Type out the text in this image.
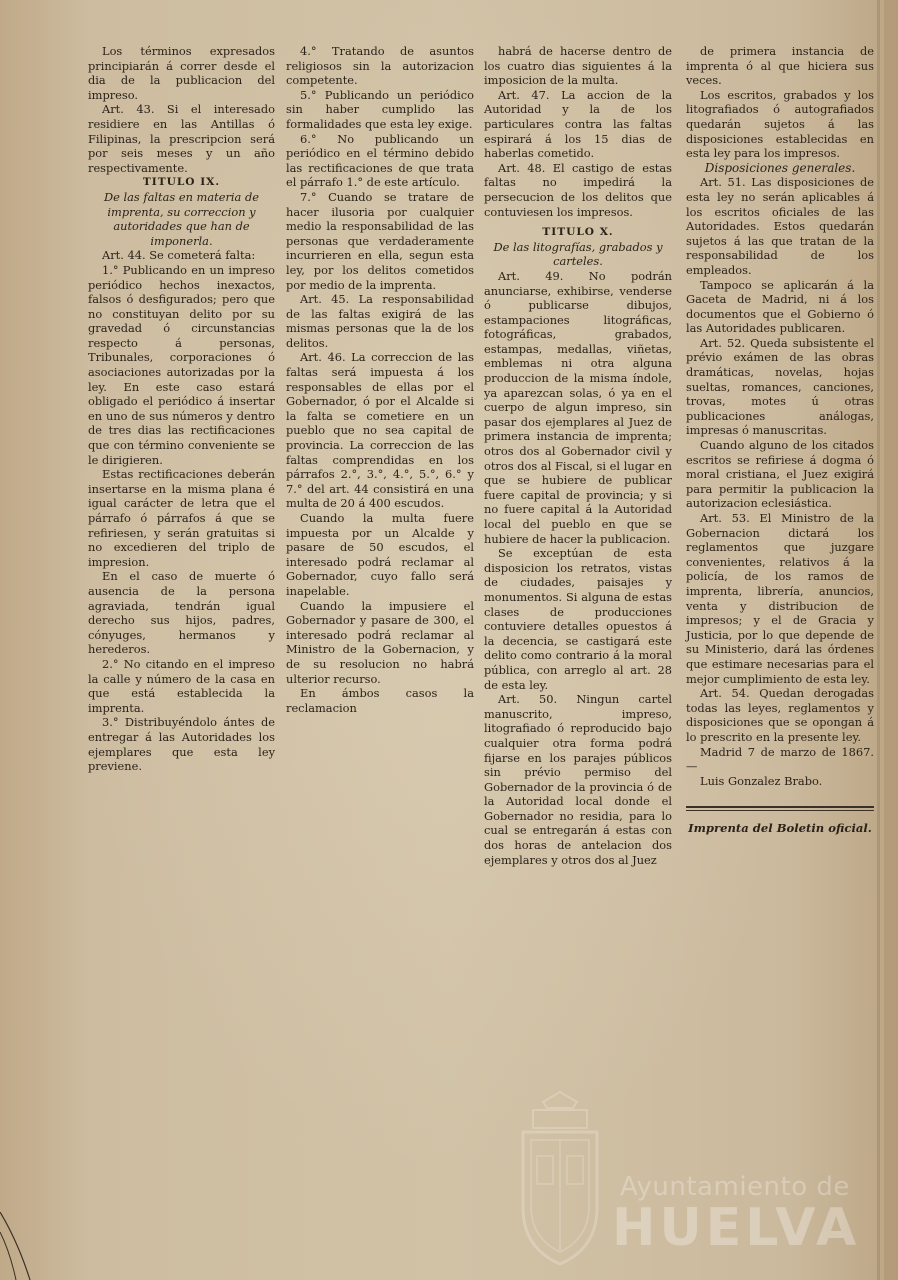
Los términos expresados principiarán á correr desde el dia de la publicacion del impreso.

Art. 43. Si el interesado residiere en las Antillas ó Filipinas, la prescripcion será por seis meses y un año respectivamente.

TITULO IX.

De las faltas en materia de imprenta, su correccion y autoridades que han de imponerla.

Art. 44. Se cometerá falta:

1.° Publicando en un impreso periódico hechos inexactos, falsos ó desfigurados; pero que no constituyan delito por su gravedad ó circunstancias respecto á personas, Tribunales, corporaciones ó asociaciones autorizadas por la ley. En este caso estará obligado el periódico á insertar en uno de sus números y dentro de tres dias las rectificaciones que con término conveniente se le dirigieren.

Estas rectificaciones deberán insertarse en la misma plana é igual carácter de letra que el párrafo ó párrafos á que se refiriesen, y serán gratuitas si no excedieren del triplo de impresion.

En el caso de muerte ó ausencia de la persona agraviada, tendrán igual derecho sus hijos, padres, cónyuges, hermanos y herederos.

2.° No citando en el impreso la calle y número de la casa en que está establecida la imprenta.

3.° Distribuyéndolo ántes de entregar á las Autoridades los ejemplares que esta ley previene.

4.° Tratando de asuntos religiosos sin la autorizacion competente.

5.° Publicando un periódico sin haber cumplido las formalidades que esta ley exige.

6.° No publicando un periódico en el término debido las rectificaciones de que trata el párrafo 1.° de este artículo.

7.° Cuando se tratare de hacer ilusoria por cualquier medio la responsabilidad de las personas que verdaderamente incurrieren en ella, segun esta ley, por los delitos cometidos por medio de la imprenta.

Art. 45. La responsabilidad de las faltas exigirá de las mismas personas que la de los delitos.

Art. 46. La correccion de las faltas será impuesta á los responsables de ellas por el Gobernador, ó por el Alcalde si la falta se cometiere en un pueblo que no sea capital de provincia. La correccion de las faltas comprendidas en los párrafos 2.°, 3.°, 4.°, 5.°, 6.° y 7.° del art. 44 consistirá en una multa de 20 á 400 escudos.

Cuando la multa fuere impuesta por un Alcalde y pasare de 50 escudos, el interesado podrá reclamar al Gobernador, cuyo fallo será inapelable.

Cuando la impusiere el Gobernador y pasare de 300, el interesado podrá reclamar al Ministro de la Gobernacion, y de su resolucion no habrá ulterior recurso.

En ámbos casos la reclamacion

habrá de hacerse dentro de los cuatro dias siguientes á la imposicion de la multa.

Art. 47. La accion de la Autoridad y la de los particulares contra las faltas espirará á los 15 dias de haberlas cometido.

Art. 48. El castigo de estas faltas no impedirá la persecucion de los delitos que contuviesen los impresos.

TITULO X.

De las litografías, grabados y carteles.

Art. 49. No podrán anunciarse, exhibirse, venderse ó publicarse dibujos, estampaciones litográficas, fotográficas, grabados, estampas, medallas, viñetas, emblemas ni otra alguna produccion de la misma índole, ya aparezcan solas, ó ya en el cuerpo de algun impreso, sin pasar dos ejemplares al Juez de primera instancia de imprenta; otros dos al Gobernador civil y otros dos al Fiscal, si el lugar en que se hubiere de publicar fuere capital de provincia; y si no fuere capital á la Autoridad local del pueblo en que se hubiere de hacer la publicacion.

Se exceptúan de esta disposicion los retratos, vistas de ciudades, paisajes y monumentos. Si alguna de estas clases de producciones contuviere detalles opuestos á la decencia, se castigará este delito como contrario á la moral pública, con arreglo al art. 28 de esta ley.

Art. 50. Ningun cartel manuscrito, impreso, litografiado ó reproducido bajo cualquier otra forma podrá fijarse en los parajes públicos sin prévio permiso del Gobernador de la provincia ó de la Autoridad local donde el Gobernador no residia, para lo cual se entregarán á estas con dos horas de antelacion dos ejemplares y otros dos al Juez

de primera instancia de imprenta ó al que hiciera sus veces.

Los escritos, grabados y los litografiados ó autografiados quedarán sujetos á las disposiciones establecidas en esta ley para los impresos.

Disposiciones generales.

Art. 51. Las disposiciones de esta ley no serán aplicables á los escritos oficiales de las Autoridades. Estos quedarán sujetos á las que tratan de la responsabilidad de los empleados.

Tampoco se aplicarán á la Gaceta de Madrid, ni á los documentos que el Gobierno ó las Autoridades publicaren.

Art. 52. Queda subsistente el prévio exámen de las obras dramáticas, novelas, hojas sueltas, romances, canciones, trovas, motes ú otras publicaciones análogas, impresas ó manuscritas.

Cuando alguno de los citados escritos se refiriese á dogma ó moral cristiana, el Juez exigirá para permitir la publicacion la autorizacion eclesiástica.

Art. 53. El Ministro de la Gobernacion dictará los reglamentos que juzgare convenientes, relativos á la policía, de los ramos de imprenta, librería, anuncios, venta y distribucion de impresos; y el de Gracia y Justicia, por lo que depende de su Ministerio, dará las órdenes que estimare necesarias para el mejor cumplimiento de esta ley.

Art. 54. Quedan derogadas todas las leyes, reglamentos y disposiciones que se opongan á lo prescrito en la presente ley.

Madrid 7 de marzo de 1867.—

Luis Gonzalez Brabo.

Imprenta del Boletin oficial.

Ayuntamiento de
HUELVA
